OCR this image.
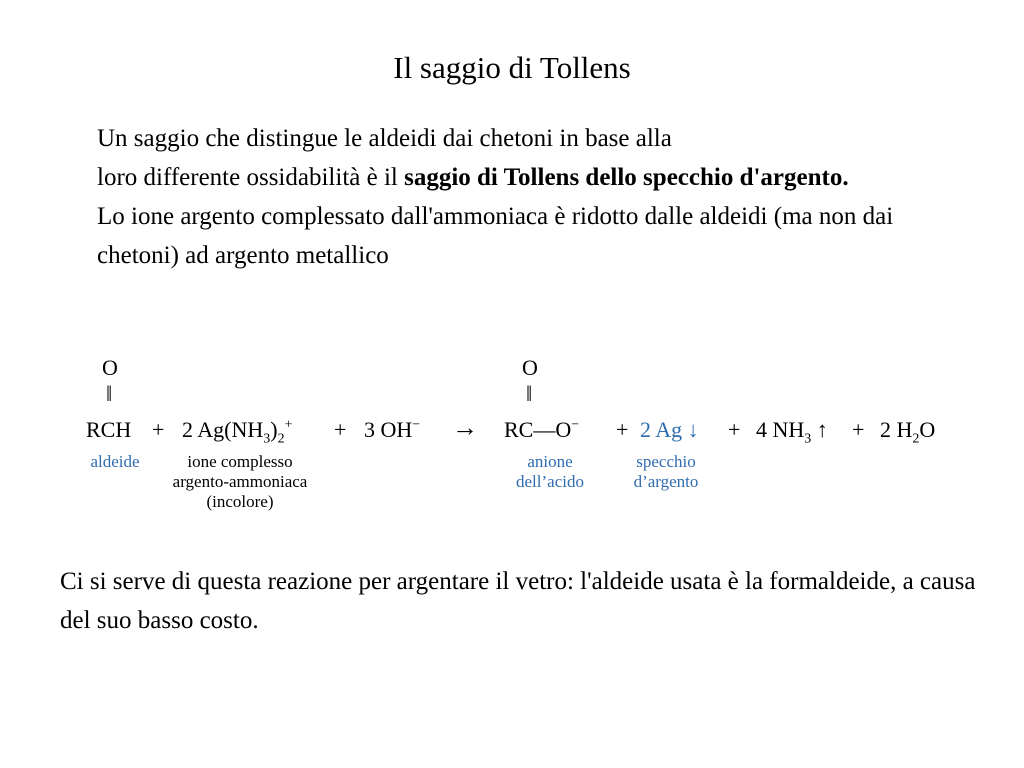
Il saggio di Tollens
Un saggio che distingue le aldeidi dai chetoni in base alla
loro differente ossidabilità è il saggio di Tollens dello specchio d'argento.
Lo ione argento complessato dall'ammoniaca è ridotto dalle aldeidi (ma non dai chetoni) ad argento metallico
O
‖
RCH + 2 $Ag(NH_3)_2^+ + 3$ OH− →
O
‖
RC—O− + 2 Ag ↓ + 4 $NH_3$ ↑ + 2 $H_2O$
aldeide	ione complesso
argento-ammoniaca
(incolore)
anione
dell’acido
specchio
d’argento
Ci si serve di questa reazione per argentare il vetro: l'aldeide usata è la formaldeide, a causa del suo basso costo.
